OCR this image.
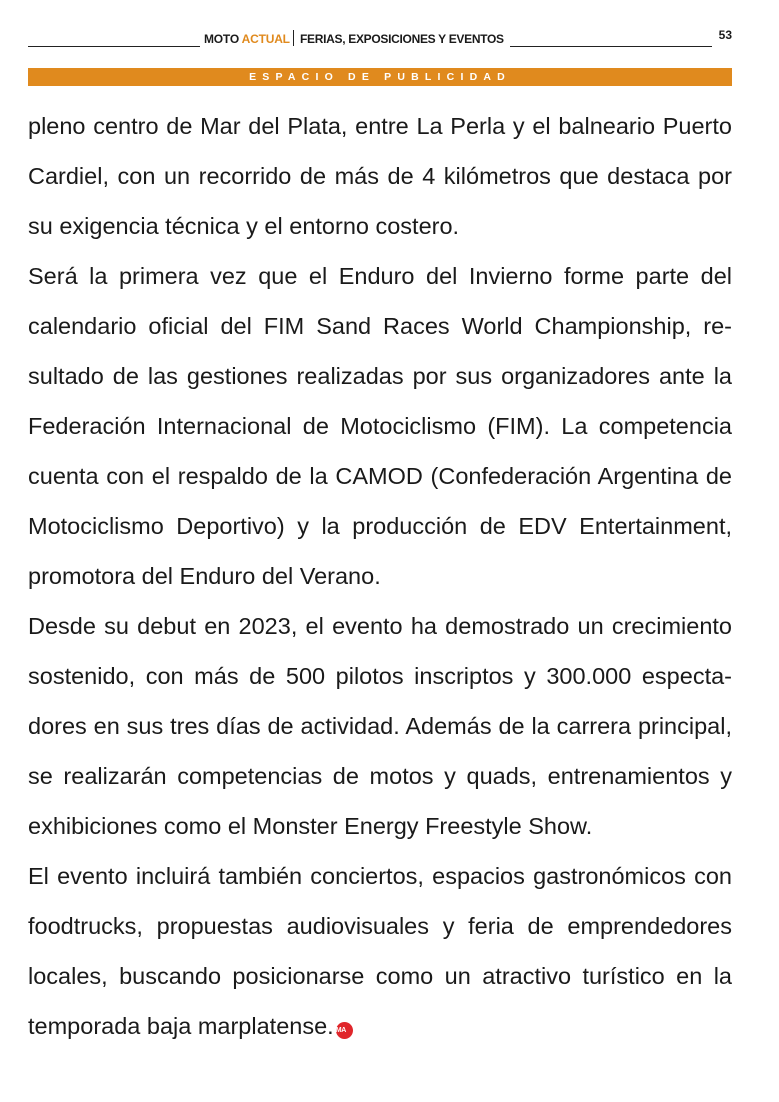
MOTO ACTUAL FERIAS, EXPOSICIONES Y EVENTOS	53
ESPACIO DE PUBLICIDAD

pleno centro de Mar del Plata, entre La Perla y el balneario Puerto Cardiel, con un recorrido de más de 4 kilómetros que destaca por su exigencia técnica y el entorno costero.

Será la primera vez que el Enduro del Invierno forme parte del calendario oficial del FIM Sand Races World Championship, resultado de las gestiones realizadas por sus organizadores ante la Federación Internacional de Motociclismo (FIM). La competencia cuenta con el respaldo de la CAMOD (Confederación Argentina de Motociclismo Deportivo) y la producción de EDV Entertainment, promotora del Enduro del Verano.

Desde su debut en 2023, el evento ha demostrado un crecimiento sostenido, con más de 500 pilotos inscriptos y 300.000 espectadores en sus tres días de actividad. Además de la carrera principal, se realizarán competencias de motos y quads, entrenamientos y exhibiciones como el Monster Energy Freestyle Show.

El evento incluirá también conciertos, espacios gastronómicos con foodtrucks, propuestas audiovisuales y feria de emprendedores locales, buscando posicionarse como un atractivo turístico en la temporada baja marplatense. MA
